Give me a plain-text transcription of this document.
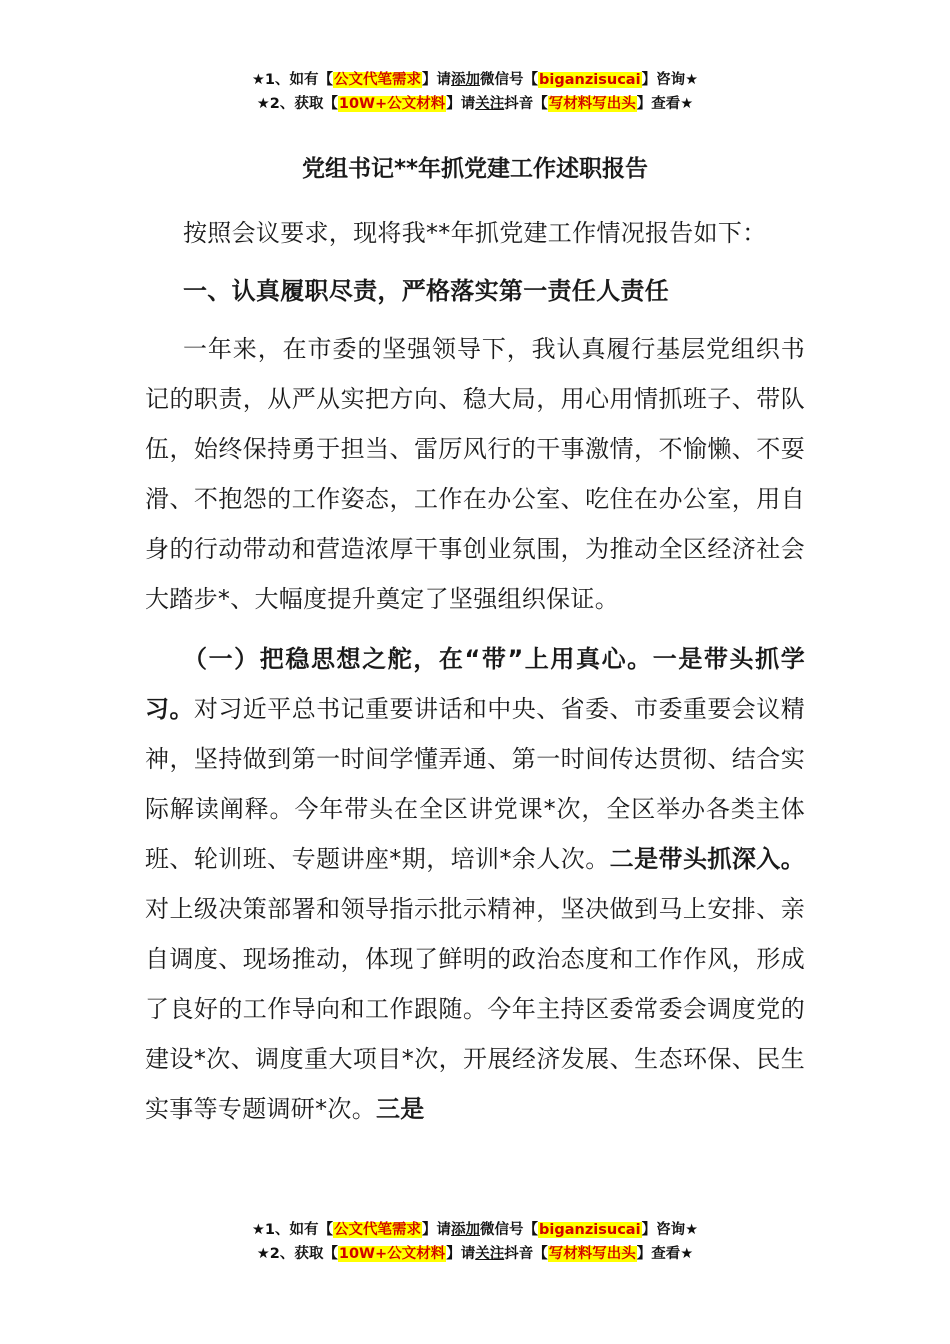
★1、如有【公文代笔需求】请添加微信号【biganzisucai】咨询★
★2、获取【10W+公文材料】请关注抖音【写材料写出头】查看★
党组书记**年抓党建工作述职报告

按照会议要求，现将我**年抓党建工作情况报告如下：

一、认真履职尽责，严格落实第一责任人责任

一年来，在市委的坚强领导下，我认真履行基层党组织书记的职责，从严从实把方向、稳大局，用心用情抓班子、带队伍，始终保持勇于担当、雷厉风行的干事激情，不愉懒、不耍滑、不抱怨的工作姿态，工作在办公室、吃住在办公室，用自身的行动带动和营造浓厚干事创业氛围，为推动全区经济社会大踏步*、大幅度提升奠定了坚强组织保证。

（一）把稳思想之舵，在“带”上用真心。一是带头抓学习。对习近平总书记重要讲话和中央、省委、市委重要会议精神，坚持做到第一时间学懂弄通、第一时间传达贯彻、结合实际解读阐释。今年带头在全区讲党课*次，全区举办各类主体班、轮训班、专题讲座*期，培训*余人次。二是带头抓深入。对上级决策部署和领导指示批示精神，坚决做到马上安排、亲自调度、现场推动，体现了鲜明的政治态度和工作作风，形成了良好的工作导向和工作跟随。今年主持区委常委会调度党的建设*次、调度重大项目*次，开展经济发展、生态环保、民生实事等专题调研*次。三是

★1、如有【公文代笔需求】请添加微信号【biganzisucai】咨询★
★2、获取【10W+公文材料】请关注抖音【写材料写出头】查看★
